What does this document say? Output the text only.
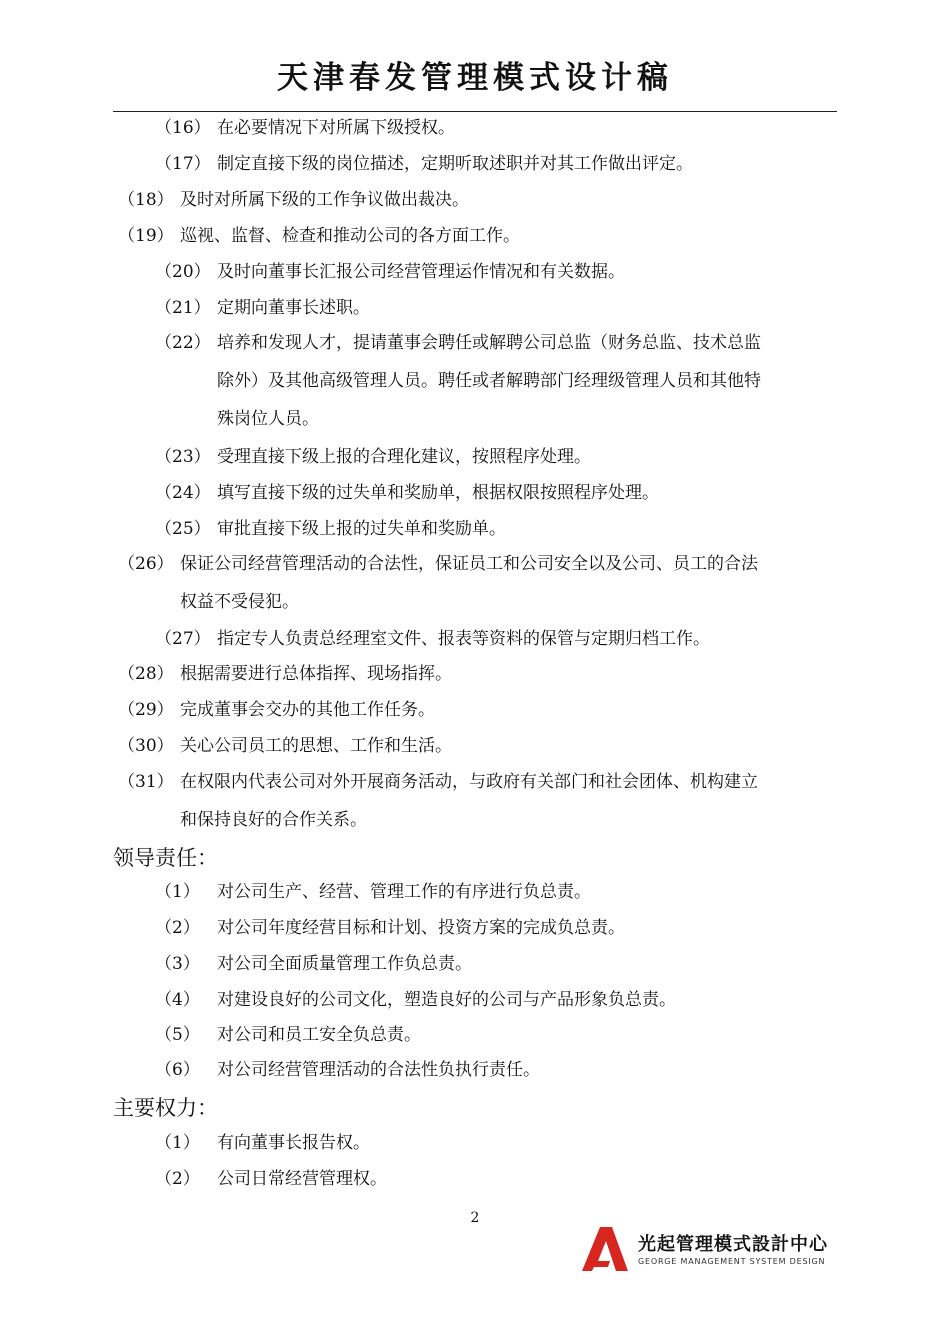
天津春发管理模式设计稿
（16） 在必要情况下对所属下级授权。
（17） 制定直接下级的岗位描述，定期听取述职并对其工作做出评定。
（18） 及时对所属下级的工作争议做出裁决。
（19） 巡视、监督、检查和推动公司的各方面工作。
（20） 及时向董事长汇报公司经营管理运作情况和有关数据。
（21） 定期向董事长述职。
（22） 培养和发现人才，提请董事会聘任或解聘公司总监（财务总监、技术总监
除外）及其他高级管理人员。聘任或者解聘部门经理级管理人员和其他特
殊岗位人员。
（23） 受理直接下级上报的合理化建议，按照程序处理。
（24） 填写直接下级的过失单和奖励单，根据权限按照程序处理。
（25） 审批直接下级上报的过失单和奖励单。
（26） 保证公司经营管理活动的合法性，保证员工和公司安全以及公司、员工的合法
权益不受侵犯。
（27） 指定专人负责总经理室文件、报表等资料的保管与定期归档工作。
（28） 根据需要进行总体指挥、现场指挥。
（29） 完成董事会交办的其他工作任务。
（30） 关心公司员工的思想、工作和生活。
（31） 在权限内代表公司对外开展商务活动，与政府有关部门和社会团体、机构建立
和保持良好的合作关系。
领导责任：
（1） 对公司生产、经营、管理工作的有序进行负总责。
（2） 对公司年度经营目标和计划、投资方案的完成负总责。
（3） 对公司全面质量管理工作负总责。
（4） 对建设良好的公司文化，塑造良好的公司与产品形象负总责。
（5） 对公司和员工安全负总责。
（6） 对公司经营管理活动的合法性负执行责任。
主要权力：
（1） 有向董事长报告权。
（2） 公司日常经营管理权。
2
光起管理模式設計中心
GEORGE MANAGEMENT SYSTEM DESIGN
